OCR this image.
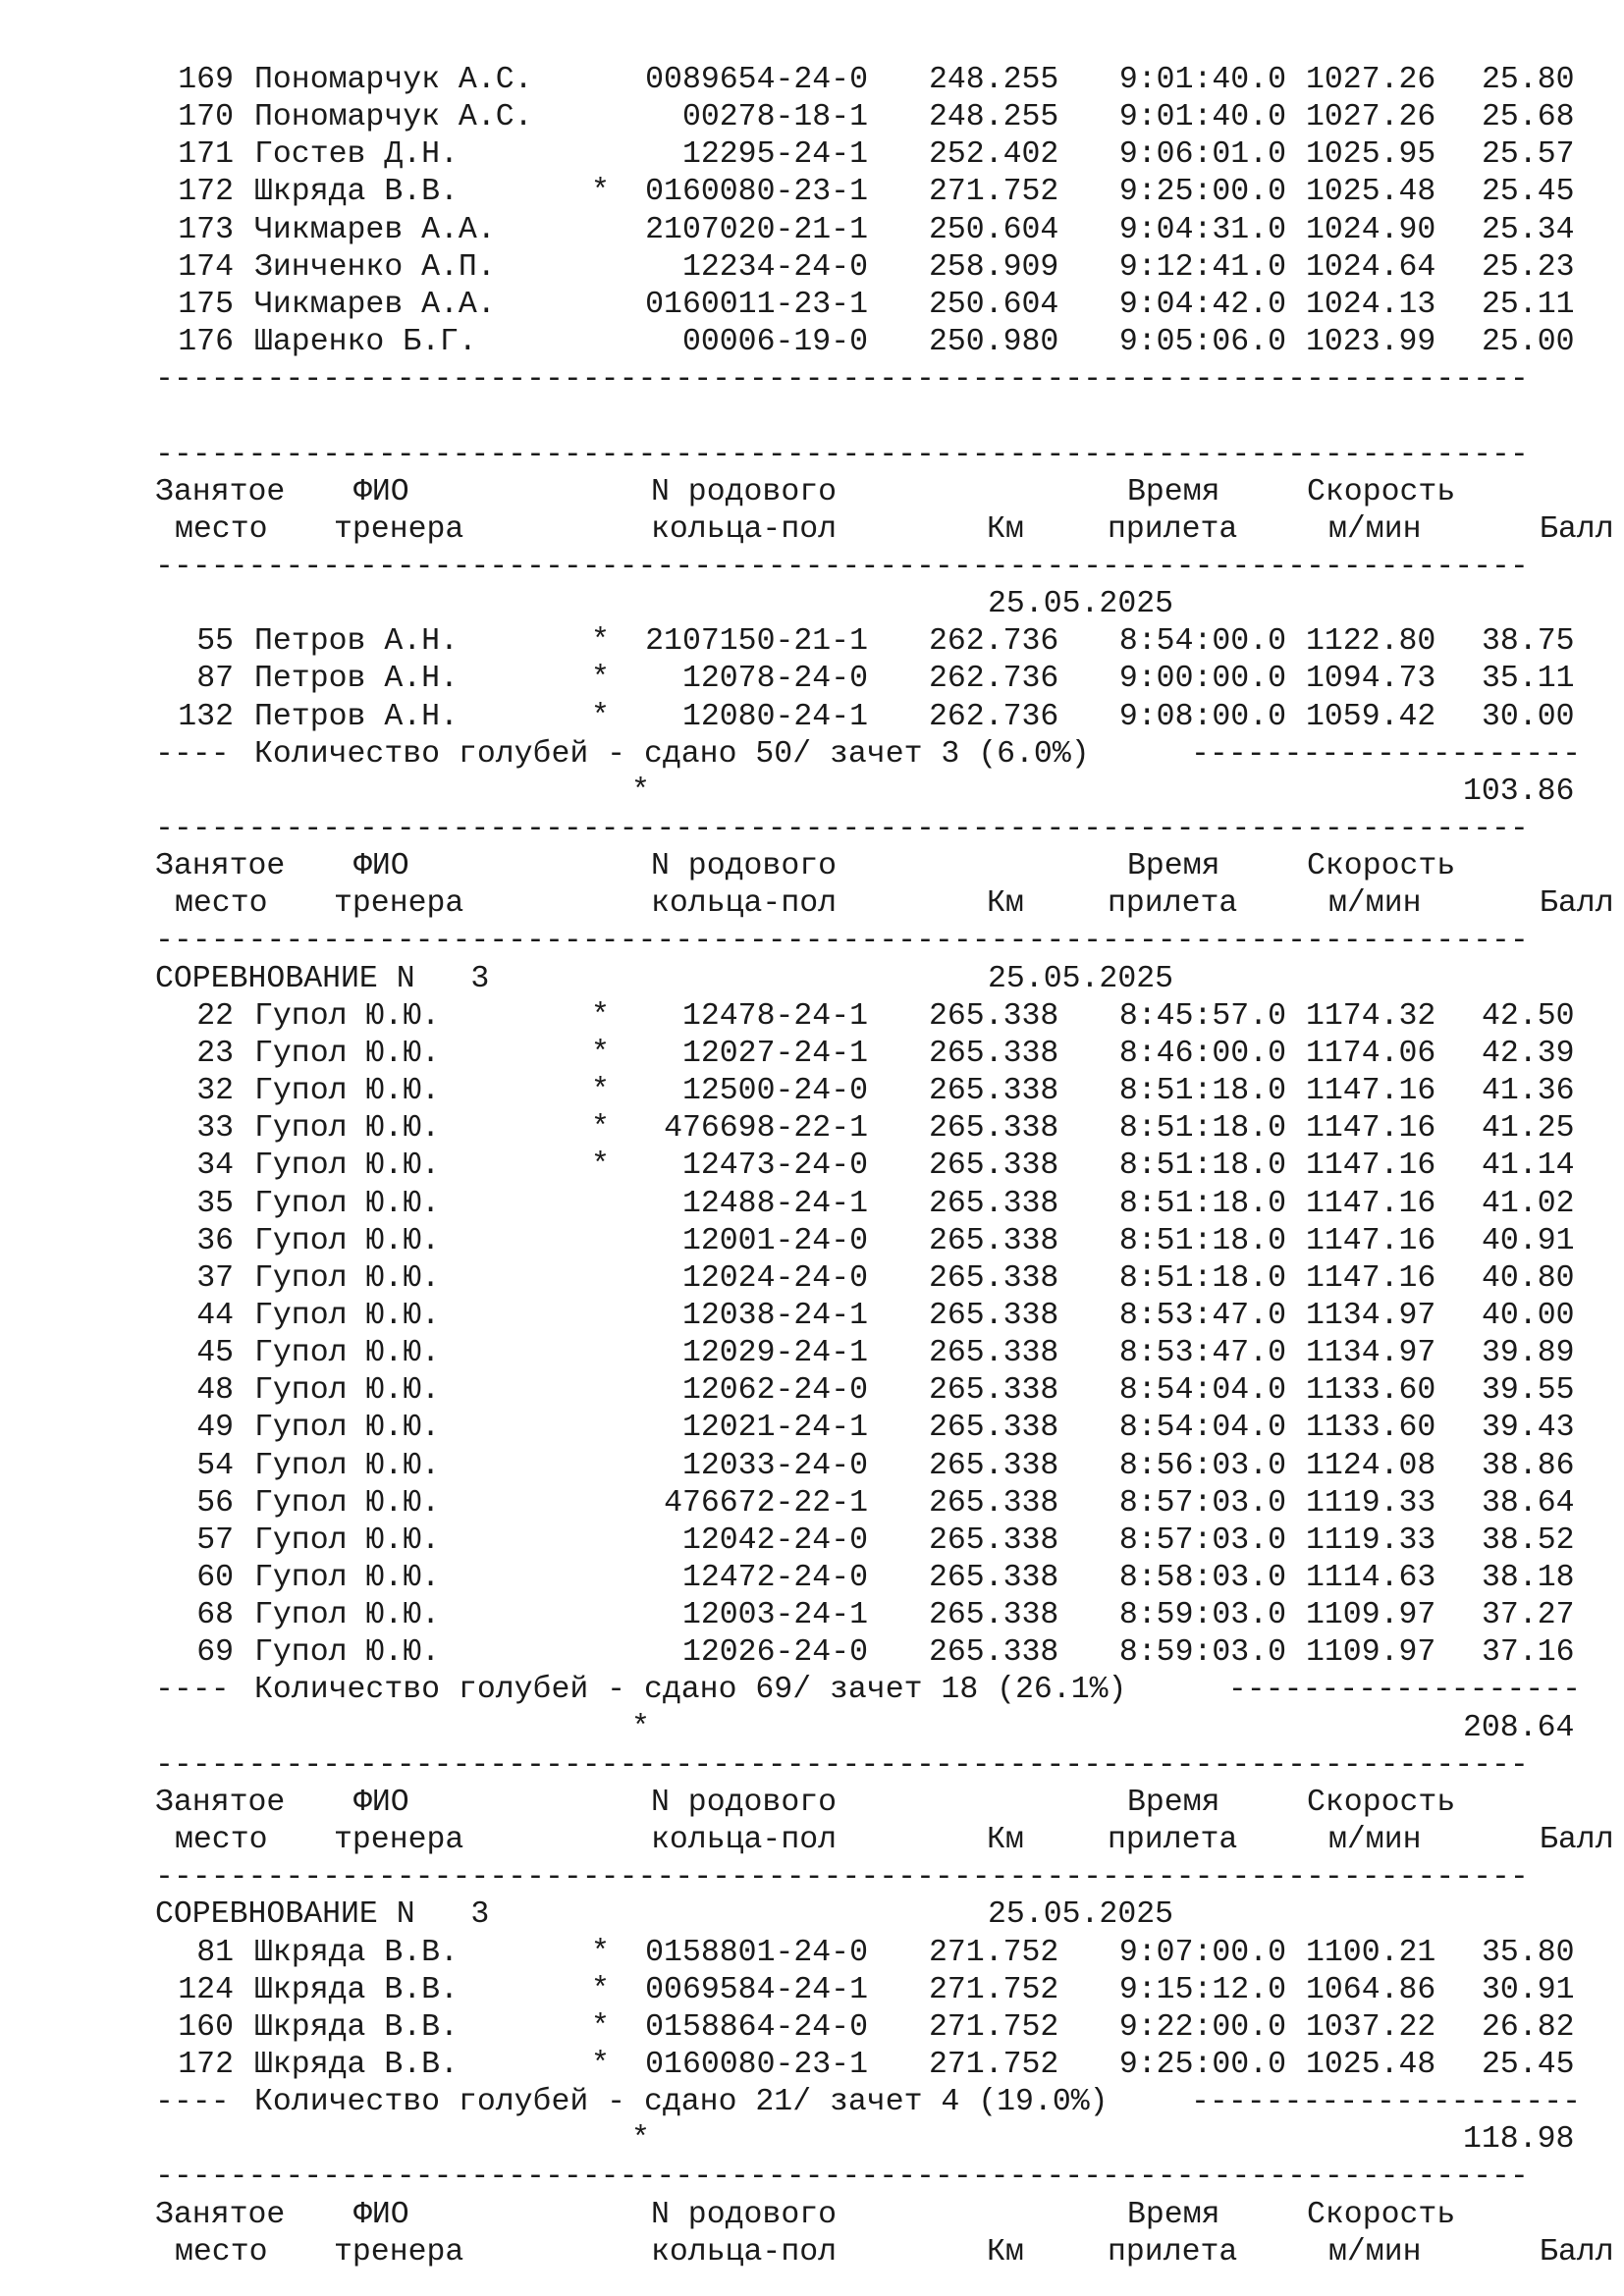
169 Пономарчук А.С.	0089654-24-0 248.255 9:01:40.0 1027.26 25.80
170 Пономарчук А.С.	00278-18-1 248.255 9:01:40.0 1027.26 25.68
171 Гостев Д.Н.	12295-24-1 252.402 9:06:01.0 1025.95 25.57
172 Шкряда В.В.	* 0160080-23-1 271.752 9:25:00.0 1025.48 25.45
173 Чикмарев А.А.	2107020-21-1 250.604 9:04:31.0 1024.90 25.34
174 Зинченко А.П.	12234-24-0 258.909 9:12:41.0 1024.64 25.23
175 Чикмарев А.А.	0160011-23-1 250.604 9:04:42.0 1024.13 25.11
176 Шаренко Б.Г.	00006-19-0 250.980 9:05:06.0 1023.99 25.00
--------------------------------------------------------------------------
--------------------------------------------------------------------------
Занятое ФИО	N родового	Время	Скорость
место тренера	кольца-пол	Км	прилета	м/мин	Балл
--------------------------------------------------------------------------
25.05.2025
55 Петров А.Н.	* 2107150-21-1 262.736 8:54:00.0 1122.80 38.75
87 Петров А.Н.	* 12078-24-0 262.736 9:00:00.0 1094.73 35.11
132 Петров А.Н.	* 12080-24-1 262.736 9:08:00.0 1059.42 30.00
---- Количество голубей - сдано 50/ зачет 3 (6.0%)	---------------------
*	103.86
--------------------------------------------------------------------------
Занятое ФИО	N родового	Время	Скорость
место тренера	кольца-пол	Км	прилета	м/мин	Балл
--------------------------------------------------------------------------
СОРЕВНОВАНИЕ N   3	25.05.2025
22 Гупол Ю.Ю.	* 12478-24-1 265.338 8:45:57.0 1174.32 42.50
23 Гупол Ю.Ю.	* 12027-24-1 265.338 8:46:00.0 1174.06 42.39
32 Гупол Ю.Ю.	* 12500-24-0 265.338 8:51:18.0 1147.16 41.36
33 Гупол Ю.Ю.	* 476698-22-1 265.338 8:51:18.0 1147.16 41.25
34 Гупол Ю.Ю.	* 12473-24-0 265.338 8:51:18.0 1147.16 41.14
35 Гупол Ю.Ю.	12488-24-1 265.338 8:51:18.0 1147.16 41.02
36 Гупол Ю.Ю.	12001-24-0 265.338 8:51:18.0 1147.16 40.91
37 Гупол Ю.Ю.	12024-24-0 265.338 8:51:18.0 1147.16 40.80
44 Гупол Ю.Ю.	12038-24-1 265.338 8:53:47.0 1134.97 40.00
45 Гупол Ю.Ю.	12029-24-1 265.338 8:53:47.0 1134.97 39.89
48 Гупол Ю.Ю.	12062-24-0 265.338 8:54:04.0 1133.60 39.55
49 Гупол Ю.Ю.	12021-24-1 265.338 8:54:04.0 1133.60 39.43
54 Гупол Ю.Ю.	12033-24-0 265.338 8:56:03.0 1124.08 38.86
56 Гупол Ю.Ю.	476672-22-1 265.338 8:57:03.0 1119.33 38.64
57 Гупол Ю.Ю.	12042-24-0 265.338 8:57:03.0 1119.33 38.52
60 Гупол Ю.Ю.	12472-24-0 265.338 8:58:03.0 1114.63 38.18
68 Гупол Ю.Ю.	12003-24-1 265.338 8:59:03.0 1109.97 37.27
69 Гупол Ю.Ю.	12026-24-0 265.338 8:59:03.0 1109.97 37.16
---- Количество голубей - сдано 69/ зачет 18 (26.1%)	-------------------
*	208.64
--------------------------------------------------------------------------
Занятое ФИО	N родового	Время	Скорость
место тренера	кольца-пол	Км	прилета	м/мин	Балл
--------------------------------------------------------------------------
СОРЕВНОВАНИЕ N   3	25.05.2025
81 Шкряда В.В.	* 0158801-24-0 271.752 9:07:00.0 1100.21 35.80
124 Шкряда В.В.	* 0069584-24-1 271.752 9:15:12.0 1064.86 30.91
160 Шкряда В.В.	* 0158864-24-0 271.752 9:22:00.0 1037.22 26.82
172 Шкряда В.В.	* 0160080-23-1 271.752 9:25:00.0 1025.48 25.45
---- Количество голубей - сдано 21/ зачет 4 (19.0%)	---------------------
*	118.98
--------------------------------------------------------------------------
Занятое ФИО	N родового	Время	Скорость
место тренера	кольца-пол	Км	прилета	м/мин	Балл
